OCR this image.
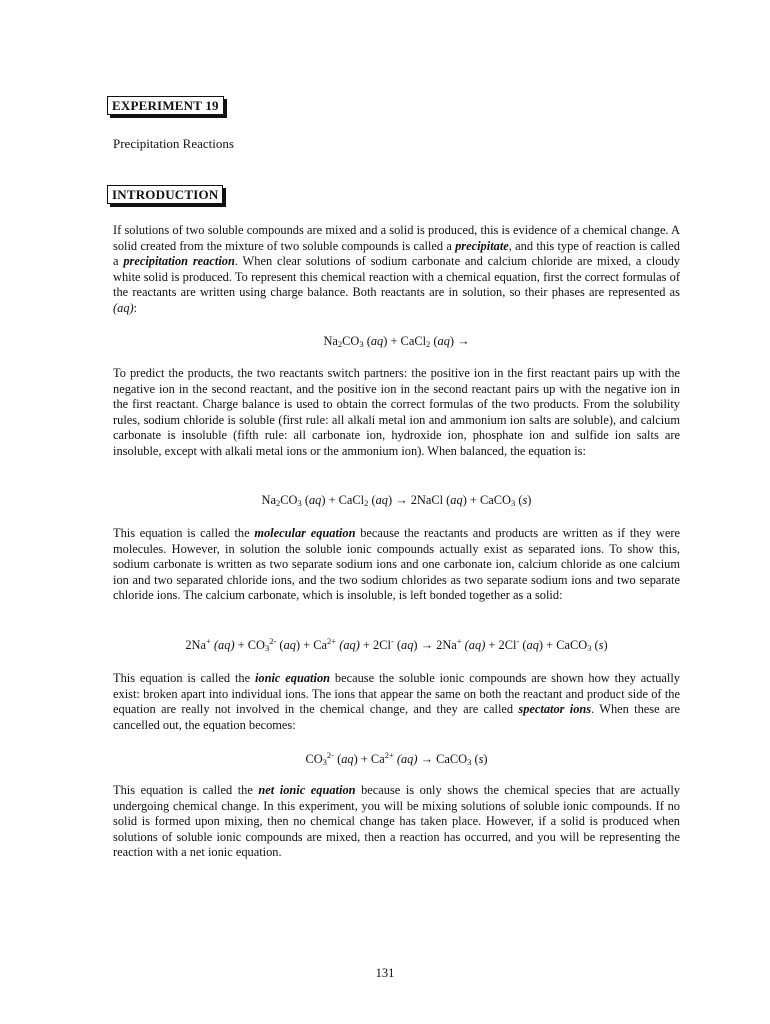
EXPERIMENT 19
Precipitation Reactions
INTRODUCTION

If solutions of two soluble compounds are mixed and a solid is produced, this is evidence of a chemical change. A solid created from the mixture of two soluble compounds is called a precipitate, and this type of reaction is called a precipitation reaction. When clear solutions of sodium carbonate and calcium chloride are mixed, a cloudy white solid is produced. To represent this chemical reaction with a chemical equation, first the correct formulas of the reactants are written using charge balance. Both reactants are in solution, so their phases are represented as (aq):

$Na_2CO_3$ (aq) + CaCl$_2$ (aq) →

To predict the products, the two reactants switch partners: the positive ion in the first reactant pairs up with the negative ion in the second reactant, and the positive ion in the second reactant pairs up with the negative ion in the first reactant. Charge balance is used to obtain the correct formulas of the two products. From the solubility rules, sodium chloride is soluble (first rule: all alkali metal ion and ammonium ion salts are soluble), and calcium carbonate is insoluble (fifth rule: all carbonate ion, hydroxide ion, phosphate ion and sulfide ion salts are insoluble, except with alkali metal ions or the ammonium ion). When balanced, the equation is:

$Na_2CO_3$ (aq) + CaCl$_2$ (aq) → 2NaCl (aq) + CaCO$_3$ (s)

This equation is called the molecular equation because the reactants and products are written as if they were molecules. However, in solution the soluble ionic compounds actually exist as separated ions. To show this, sodium carbonate is written as two separate sodium ions and one carbonate ion, calcium chloride as one calcium ion and two separated chloride ions, and the two sodium chlorides as two separate sodium ions and two separate chloride ions. The calcium carbonate, which is insoluble, is left bonded together as a solid:

2Na+ $(aq) + CO_3^{2-}$ $(aq) + Ca^{2+}$ (aq) + 2Cl- (aq) → 2Na+ (aq) + 2Cl- (aq) + CaCO$_3$ (s)

This equation is called the ionic equation because the soluble ionic compounds are shown how they actually exist: broken apart into individual ions. The ions that appear the same on both the reactant and product side of the equation are really not involved in the chemical change, and they are called spectator ions. When these are cancelled out, the equation becomes:

$CO_3^{2-}$ $(aq) + Ca^{2+}$ (aq) → CaCO$_3$ (s)

This equation is called the net ionic equation because is only shows the chemical species that are actually undergoing chemical change. In this experiment, you will be mixing solutions of soluble ionic compounds. If no solid is formed upon mixing, then no chemical change has taken place. However, if a solid is produced when solutions of soluble ionic compounds are mixed, then a reaction has occurred, and you will be representing the reaction with a net ionic equation.

131
